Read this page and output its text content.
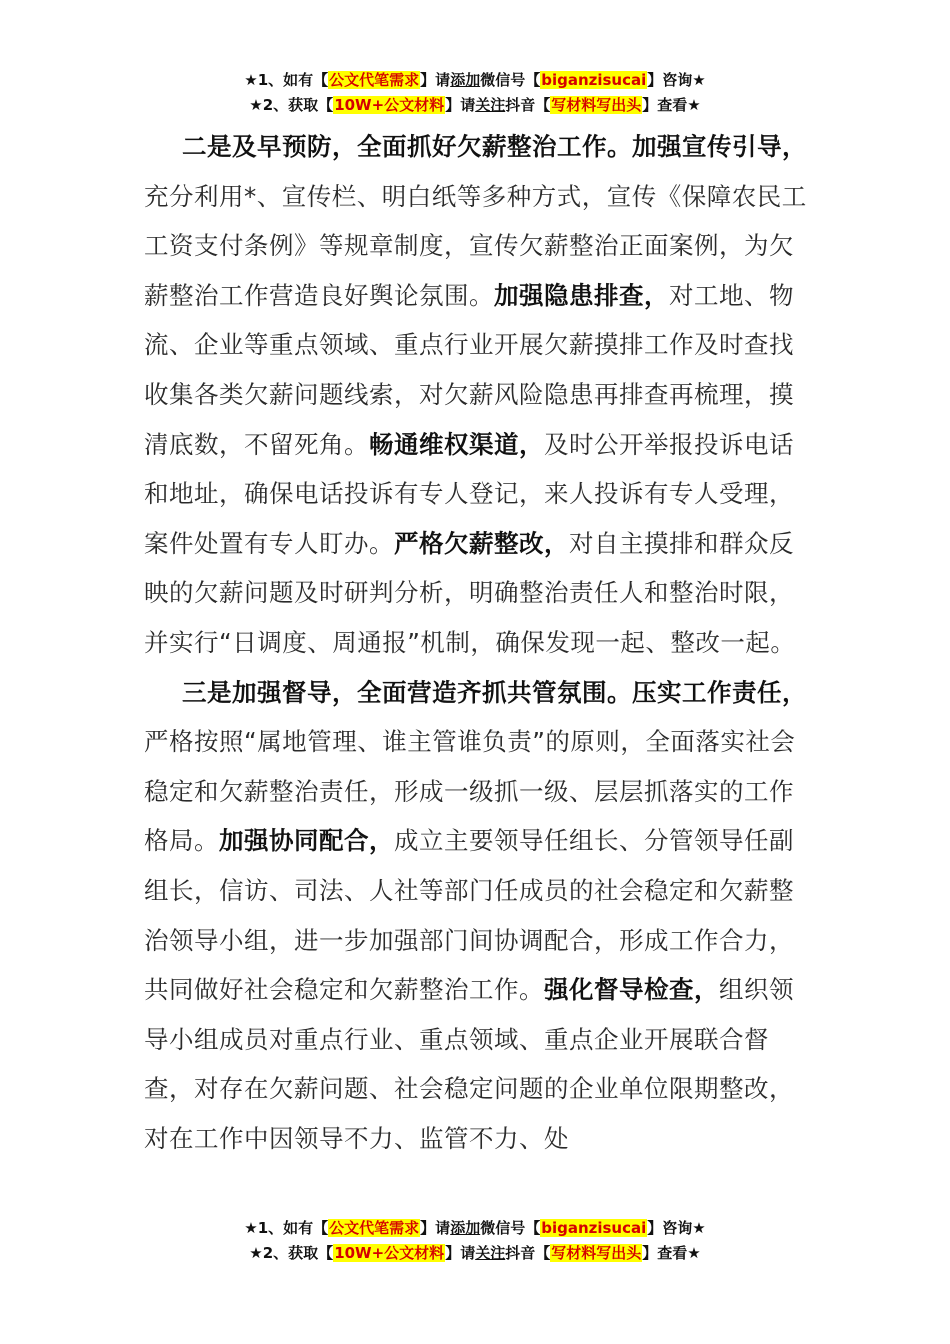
★1、如有【公文代笔需求】请添加微信号【biganzisucai】咨询★
★2、获取【10W+公文材料】请关注抖音【写材料写出头】查看★

二是及早预防，全面抓好欠薪整治工作。加强宣传引导，充分利用*、宣传栏、明白纸等多种方式，宣传《保障农民工工资支付条例》等规章制度，宣传欠薪整治正面案例，为欠薪整治工作营造良好舆论氛围。加强隐患排查，对工地、物流、企业等重点领域、重点行业开展欠薪摸排工作及时查找收集各类欠薪问题线索，对欠薪风险隐患再排查再梳理，摸清底数，不留死角。畅通维权渠道，及时公开举报投诉电话和地址，确保电话投诉有专人登记，来人投诉有专人受理，案件处置有专人盯办。严格欠薪整改，对自主摸排和群众反映的欠薪问题及时研判分析，明确整治责任人和整治时限，并实行“日调度、周通报”机制，确保发现一起、整改一起。

三是加强督导，全面营造齐抓共管氛围。压实工作责任，严格按照“属地管理、谁主管谁负责”的原则，全面落实社会稳定和欠薪整治责任，形成一级抓一级、层层抓落实的工作格局。加强协同配合，成立主要领导任组长、分管领导任副组长，信访、司法、人社等部门任成员的社会稳定和欠薪整治领导小组，进一步加强部门间协调配合，形成工作合力，共同做好社会稳定和欠薪整治工作。强化督导检查，组织领导小组成员对重点行业、重点领域、重点企业开展联合督查，对存在欠薪问题、社会稳定问题的企业单位限期整改，对在工作中因领导不力、监管不力、处

★1、如有【公文代笔需求】请添加微信号【biganzisucai】咨询★
★2、获取【10W+公文材料】请关注抖音【写材料写出头】查看★
